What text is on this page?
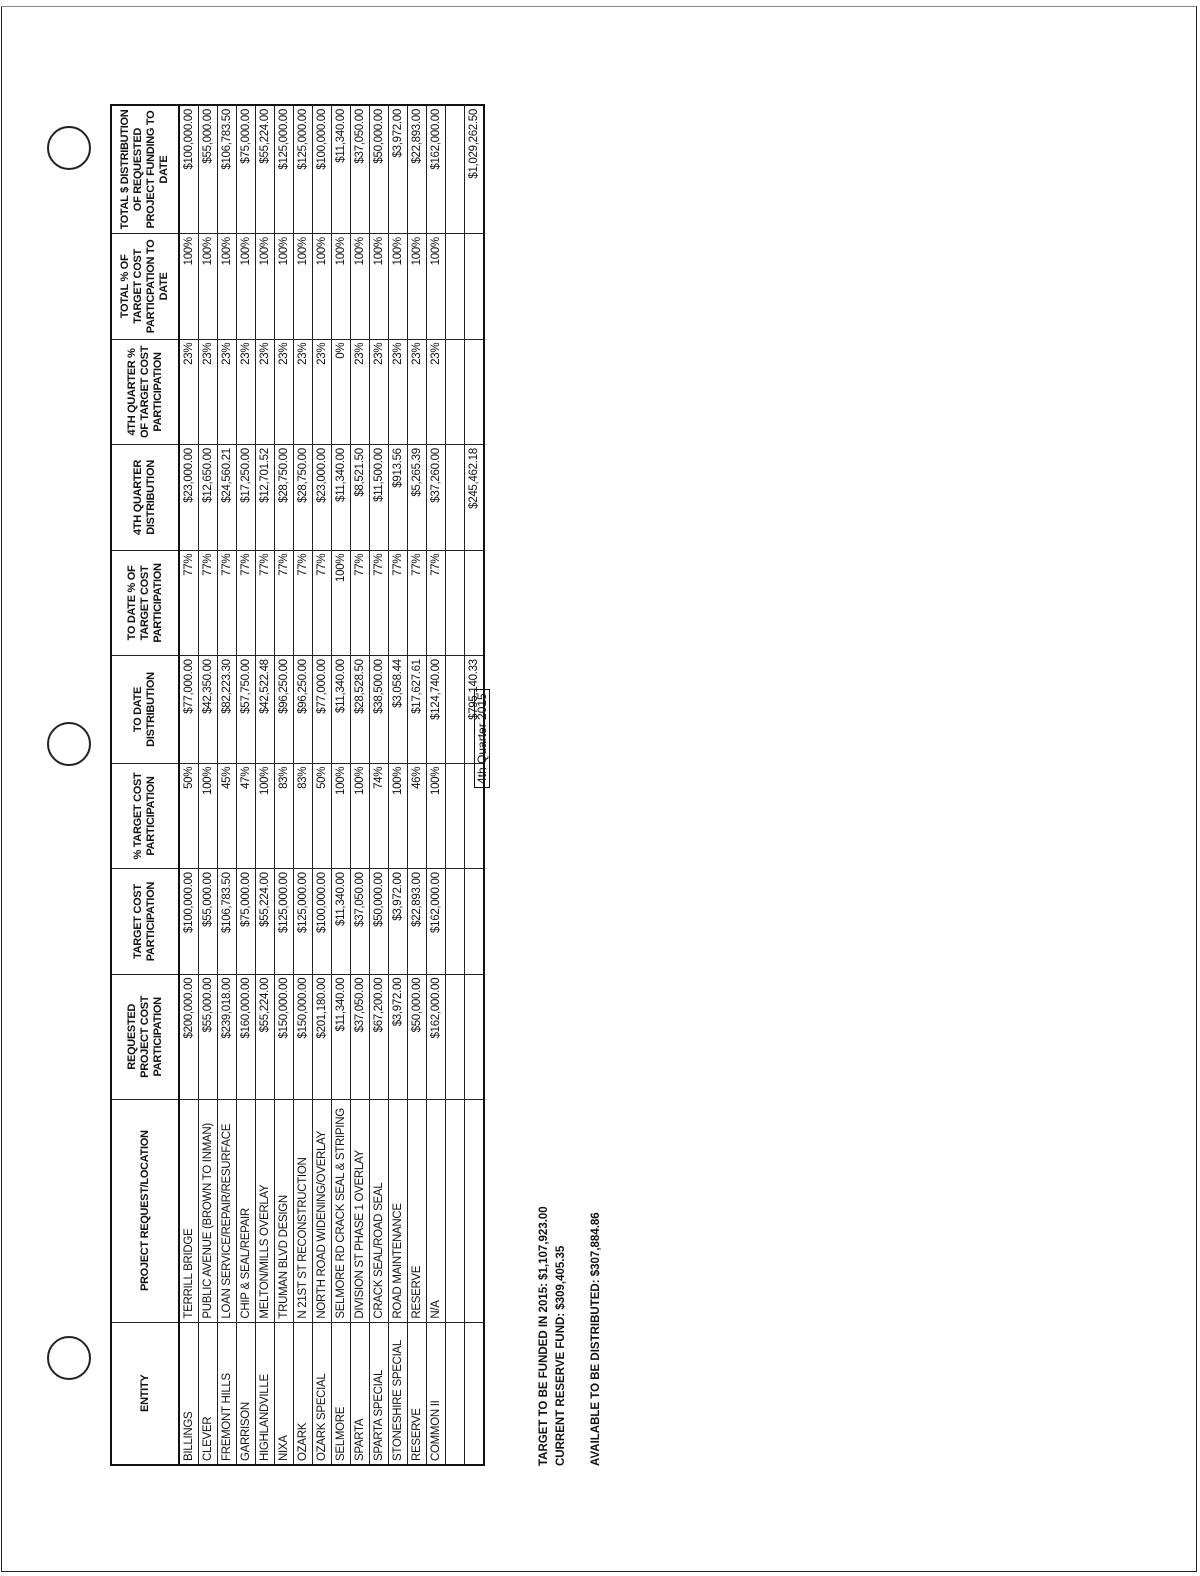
ENTITY	PROJECT REQUEST/LOCATION	REQUESTED PROJECT COST PARTICIPATION	TARGET COST PARTICIPATION	% TARGET COST PARTICIPATION	TO DATE DISTRIBUTION	TO DATE % OF TARGET COST PARTICIPATION	4TH QUARTER DISTRIBUTION	4TH QUARTER % OF TARGET COST PARTICIPATION	TOTAL % OF TARGET COST PARTICPATION TO DATE	TOTAL $ DISTRIBUTION OF REQUESTED PROJECT FUNDING TO DATE
BILLINGS	TERRILL BRIDGE	$200,000.00	$100,000.00	50%	$77,000.00	77%	$23,000.00	23%	100%	$100,000.00
CLEVER	PUBLIC AVENUE (BROWN TO INMAN)	$55,000.00	$55,000.00	100%	$42,350.00	77%	$12,650.00	23%	100%	$55,000.00
FREMONT HILLS	LOAN SERVICE/REPAIR/RESURFACE	$239,018.00	$106,783.50	45%	$82,223.30	77%	$24,560.21	23%	100%	$106,783.50
GARRISON	CHIP & SEAL/REPAIR	$160,000.00	$75,000.00	47%	$57,750.00	77%	$17,250.00	23%	100%	$75,000.00
HIGHLANDVILLE	MELTON/MILLS OVERLAY	$55,224.00	$55,224.00	100%	$42,522.48	77%	$12,701.52	23%	100%	$55,224.00
NIXA	TRUMAN BLVD DESIGN	$150,000.00	$125,000.00	83%	$96,250.00	77%	$28,750.00	23%	100%	$125,000.00
OZARK	N 21ST ST RECONSTRUCTION	$150,000.00	$125,000.00	83%	$96,250.00	77%	$28,750.00	23%	100%	$125,000.00
OZARK SPECIAL	NORTH ROAD WIDENING/OVERLAY	$201,180.00	$100,000.00	50%	$77,000.00	77%	$23,000.00	23%	100%	$100,000.00
SELMORE	SELMORE RD CRACK SEAL & STRIPING	$11,340.00	$11,340.00	100%	$11,340.00	100%	$11,340.00	0%	100%	$11,340.00
SPARTA	DIVISION ST PHASE 1 OVERLAY	$37,050.00	$37,050.00	100%	$28,528.50	77%	$8,521.50	23%	100%	$37,050.00
SPARTA SPECIAL	CRACK SEAL/ROAD SEAL	$67,200.00	$50,000.00	74%	$38,500.00	77%	$11,500.00	23%	100%	$50,000.00
STONESHIRE SPECIAL	ROAD MAINTENANCE	$3,972.00	$3,972.00	100%	$3,058.44	77%	$913.56	23%	100%	$3,972.00
RESERVE	RESERVE	$50,000.00	$22,893.00	46%	$17,627.61	77%	$5,265.39	23%	100%	$22,893.00
COMMON II	N/A	$162,000.00	$162,000.00	100%	$124,740.00	77%	$37,260.00	23%	100%	$162,000.00

					$795,140.33		$245,462.18			$1,029,262.50
4th Quarter 2015
TARGET TO BE FUNDED IN 2015: $1,107,923.00 CURRENT RESERVE FUND: $309,405.35 AVAILABLE TO BE DISTRIBUTED: $307,884.86
